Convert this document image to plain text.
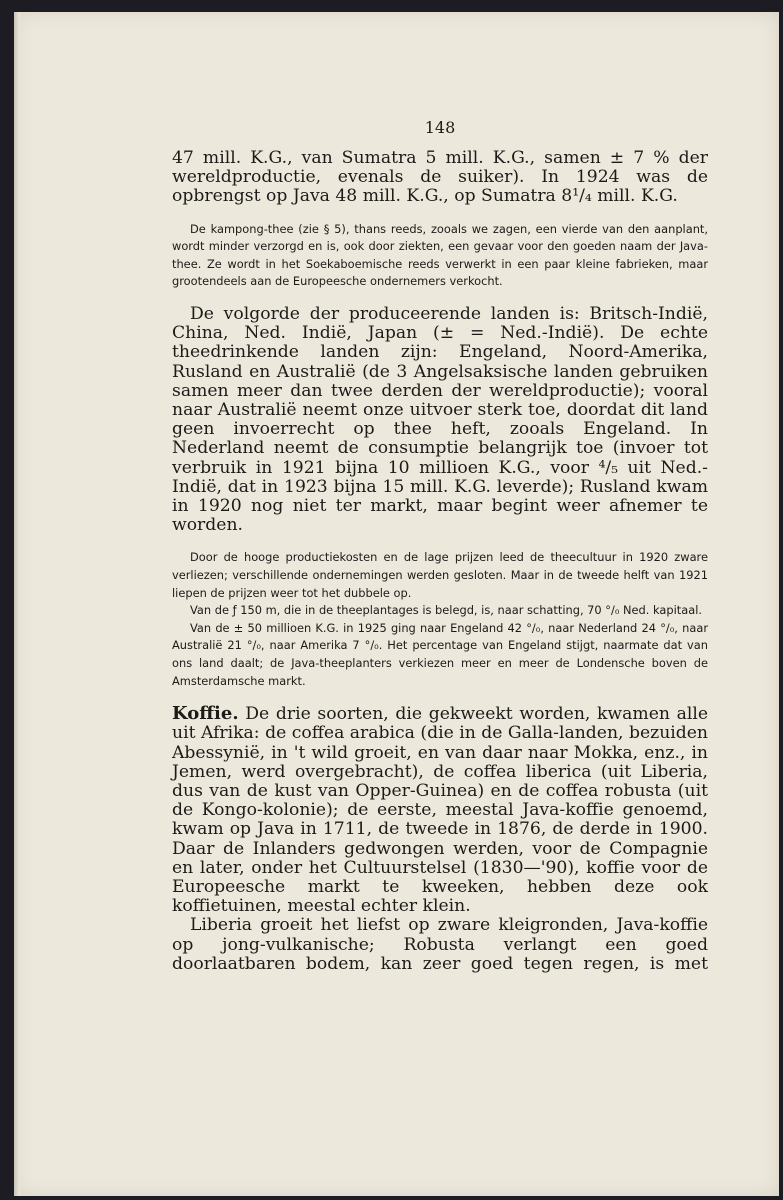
148

47 mill. K.G., van Sumatra 5 mill. K.G., samen ± 7 % der wereldproductie, evenals de suiker). In 1924 was de opbrengst op Java 48 mill. K.G., op Sumatra 8¹/₄ mill. K.G.

De kampong-thee (zie § 5), thans reeds, zooals we zagen, een vierde van den aanplant, wordt minder verzorgd en is, ook door ziekten, een gevaar voor den goeden naam der Java-thee. Ze wordt in het Soekaboemische reeds verwerkt in een paar kleine fabrieken, maar grootendeels aan de Europeesche ondernemers verkocht.

De volgorde der produceerende landen is: Britsch-Indië, China, Ned. Indië, Japan (± = Ned.-Indië). De echte theedrinkende landen zijn: Engeland, Noord-Amerika, Rusland en Australië (de 3 Angelsaksische landen gebruiken samen meer dan twee derden der wereldproductie); vooral naar Australië neemt onze uitvoer sterk toe, doordat dit land geen invoerrecht op thee heft, zooals Engeland. In Nederland neemt de consumptie belangrijk toe (invoer tot verbruik in 1921 bijna 10 millioen K.G., voor ⁴/₅ uit Ned.-Indië, dat in 1923 bijna 15 mill. K.G. leverde); Rusland kwam in 1920 nog niet ter markt, maar begint weer afnemer te worden.

Door de hooge productiekosten en de lage prijzen leed de theecultuur in 1920 zware verliezen; verschillende ondernemingen werden gesloten. Maar in de tweede helft van 1921 liepen de prijzen weer tot het dubbele op.

Van de ƒ 150 m, die in de theeplantages is belegd, is, naar schatting, 70 °/₀ Ned. kapitaal.

Van de ± 50 millioen K.G. in 1925 ging naar Engeland 42 °/₀, naar Nederland 24 °/₀, naar Australië 21 °/₀, naar Amerika 7 °/₀. Het percentage van Engeland stijgt, naarmate dat van ons land daalt; de Java-theeplanters verkiezen meer en meer de Londensche boven de Amsterdamsche markt.

Koffie. De drie soorten, die gekweekt worden, kwamen alle uit Afrika: de coffea arabica (die in de Galla-landen, bezuiden Abessynië, in 't wild groeit, en van daar naar Mokka, enz., in Jemen, werd overgebracht), de coffea liberica (uit Liberia, dus van de kust van Opper-Guinea) en de coffea robusta (uit de Kongo-kolonie); de eerste, meestal Java-koffie genoemd, kwam op Java in 1711, de tweede in 1876, de derde in 1900. Daar de Inlanders gedwongen werden, voor de Compagnie en later, onder het Cultuurstelsel (1830—'90), koffie voor de Europeesche markt te kweeken, hebben deze ook koffietuinen, meestal echter klein.

Liberia groeit het liefst op zware kleigronden, Java-koffie op jong-vulkanische; Robusta verlangt een goed doorlaatbaren bodem, kan zeer goed tegen regen, is met
